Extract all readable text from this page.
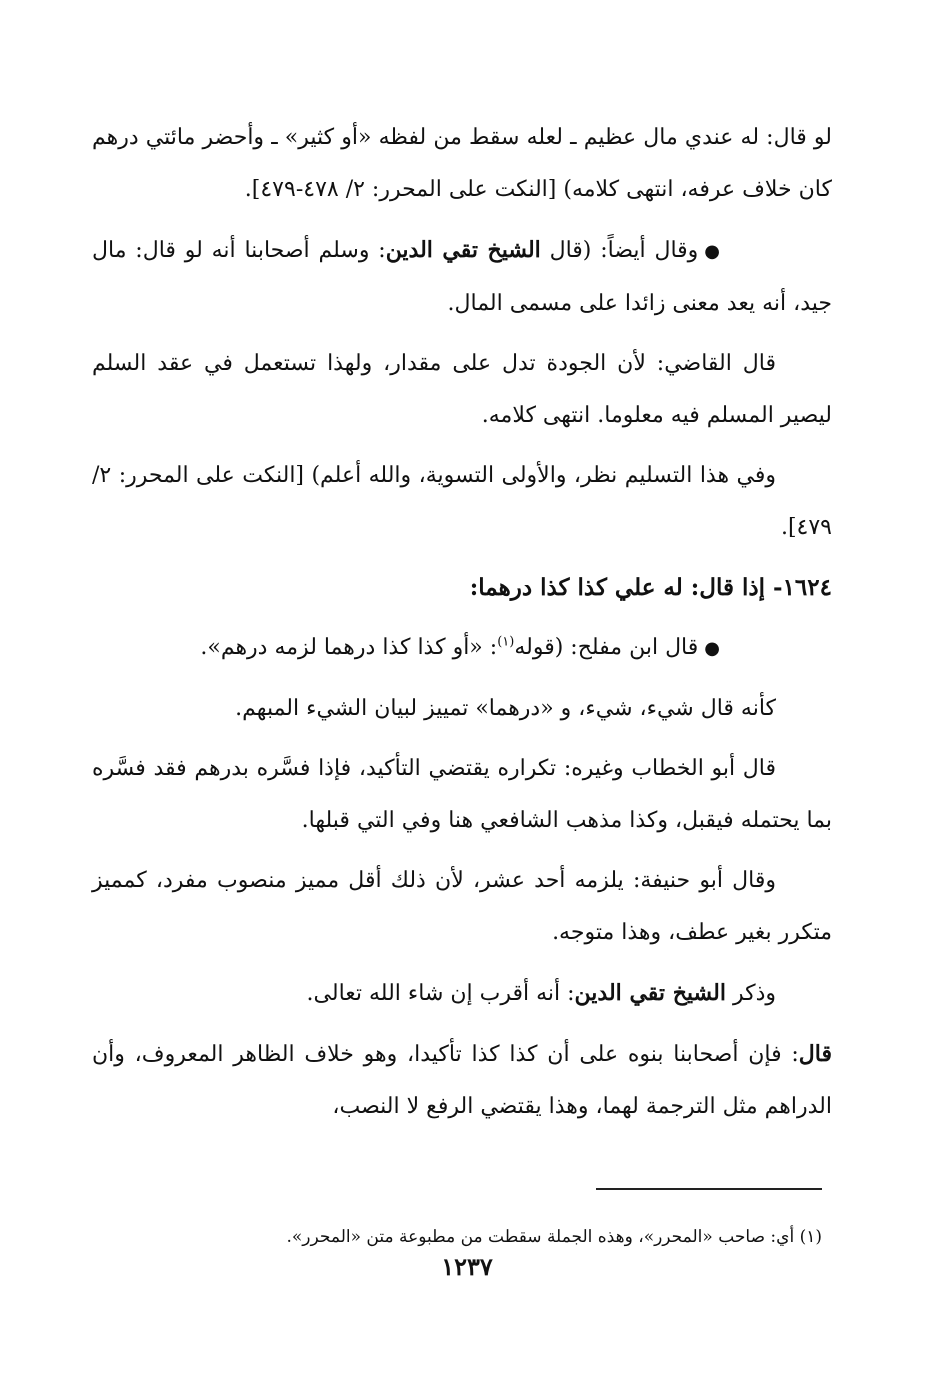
لو قال: له عندي مال عظيم ـ لعله سقط من لفظه «أو كثير» ـ وأحضر مائتي درهم كان خلاف عرفه، انتهى كلامه) [النكت على المحرر: ٢/ ٤٧٨-٤٧٩].

●وقال أيضاً: (قال الشيخ تقي الدين: وسلم أصحابنا أنه لو قال: مال جيد، أنه يعد معنى زائدا على مسمى المال.

قال القاضي: لأن الجودة تدل على مقدار، ولهذا تستعمل في عقد السلم ليصير المسلم فيه معلوما. انتهى كلامه.

وفي هذا التسليم نظر، والأولى التسوية، والله أعلم) [النكت على المحرر: ٢/ ٤٧٩].

١٦٢٤- إذا قال: له علي كذا كذا درهما:

●قال ابن مفلح: (قوله$^{(١)}$: «أو كذا كذا درهما لزمه درهم».

كأنه قال شيء، شيء، و «درهما» تمييز لبيان الشيء المبهم.

قال أبو الخطاب وغيره: تكراره يقتضي التأكيد، فإذا فسَّره بدرهم فقد فسَّره بما يحتمله فيقبل، وكذا مذهب الشافعي هنا وفي التي قبلها.

وقال أبو حنيفة: يلزمه أحد عشر، لأن ذلك أقل مميز منصوب مفرد، كمميز متكرر بغير عطف، وهذا متوجه.

وذكر الشيخ تقي الدين: أنه أقرب إن شاء الله تعالى.

قال: فإن أصحابنا بنوه على أن كذا كذا تأكيدا، وهو خلاف الظاهر المعروف، وأن الدراهم مثل الترجمة لهما، وهذا يقتضي الرفع لا النصب،

(١) أي: صاحب «المحرر»، وهذه الجملة سقطت من مطبوعة متن «المحرر».

١٢٣٧
